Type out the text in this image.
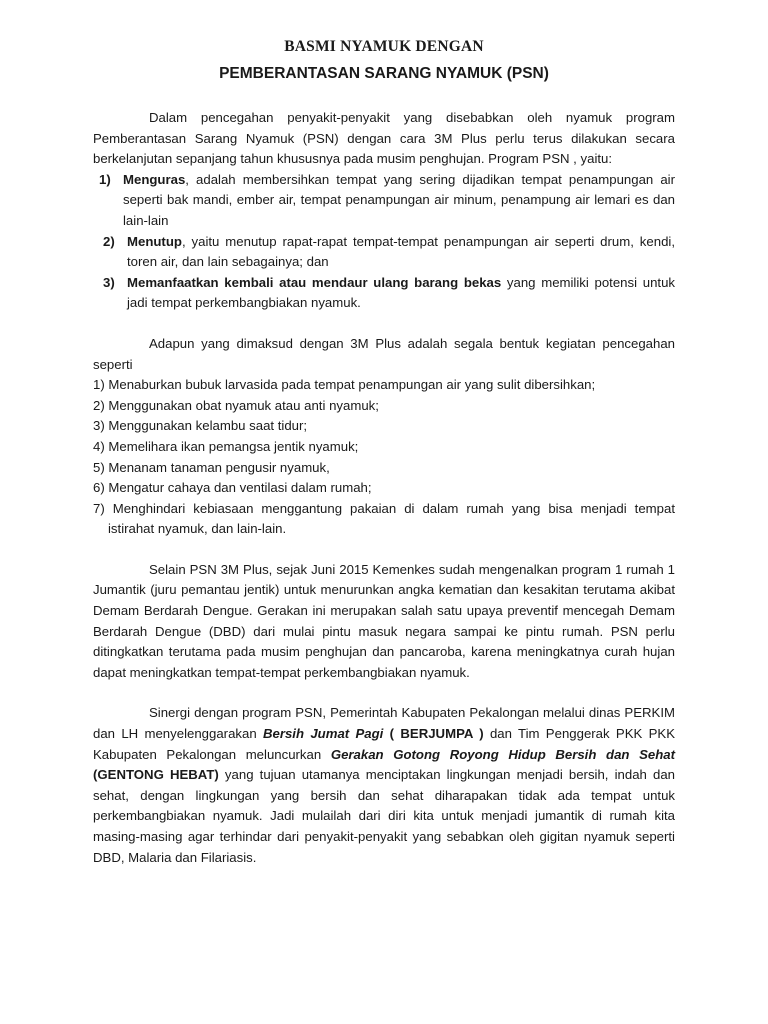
BASMI NYAMUK DENGAN
PEMBERANTASAN SARANG NYAMUK (PSN)

Dalam pencegahan penyakit-penyakit yang disebabkan oleh nyamuk program Pemberantasan Sarang Nyamuk (PSN) dengan cara 3M Plus perlu terus dilakukan secara berkelanjutan sepanjang tahun khususnya pada musim penghujan. Program PSN , yaitu:

1) Menguras, adalah membersihkan tempat yang sering dijadikan tempat penampungan air seperti bak mandi, ember air, tempat penampungan air minum, penampung air lemari es dan lain-lain
2) Menutup, yaitu menutup rapat-rapat tempat-tempat penampungan air seperti drum, kendi, toren air, dan lain sebagainya; dan
3) Memanfaatkan kembali atau mendaur ulang barang bekas yang memiliki potensi untuk jadi tempat perkembangbiakan nyamuk.

Adapun yang dimaksud dengan 3M Plus adalah segala bentuk kegiatan pencegahan seperti

1) Menaburkan bubuk larvasida pada tempat penampungan air yang sulit dibersihkan;
2) Menggunakan obat nyamuk atau anti nyamuk;
3) Menggunakan kelambu saat tidur;
4) Memelihara ikan pemangsa jentik nyamuk;
5) Menanam tanaman pengusir nyamuk,
6) Mengatur cahaya dan ventilasi dalam rumah;
7) Menghindari kebiasaan menggantung pakaian di dalam rumah yang bisa menjadi tempat istirahat nyamuk, dan lain-lain.

Selain PSN 3M Plus, sejak Juni 2015 Kemenkes sudah mengenalkan program 1 rumah 1 Jumantik (juru pemantau jentik) untuk menurunkan angka kematian dan kesakitan terutama akibat Demam Berdarah Dengue. Gerakan ini merupakan salah satu upaya preventif mencegah Demam Berdarah Dengue (DBD) dari mulai pintu masuk negara sampai ke pintu rumah. PSN perlu ditingkatkan terutama pada musim penghujan dan pancaroba, karena meningkatnya curah hujan dapat meningkatkan tempat-tempat perkembangbiakan nyamuk.

Sinergi dengan program PSN, Pemerintah Kabupaten Pekalongan melalui dinas PERKIM dan LH menyelenggarakan Bersih Jumat Pagi ( BERJUMPA ) dan Tim Penggerak PKK PKK Kabupaten Pekalongan meluncurkan Gerakan Gotong Royong Hidup Bersih dan Sehat (GENTONG HEBAT) yang tujuan utamanya menciptakan lingkungan menjadi bersih, indah dan sehat, dengan lingkungan yang bersih dan sehat diharapakan tidak ada tempat untuk perkembangbiakan nyamuk. Jadi mulailah dari diri kita untuk menjadi jumantik di rumah kita masing-masing agar terhindar dari penyakit-penyakit yang sebabkan oleh gigitan nyamuk seperti DBD, Malaria dan Filariasis.
